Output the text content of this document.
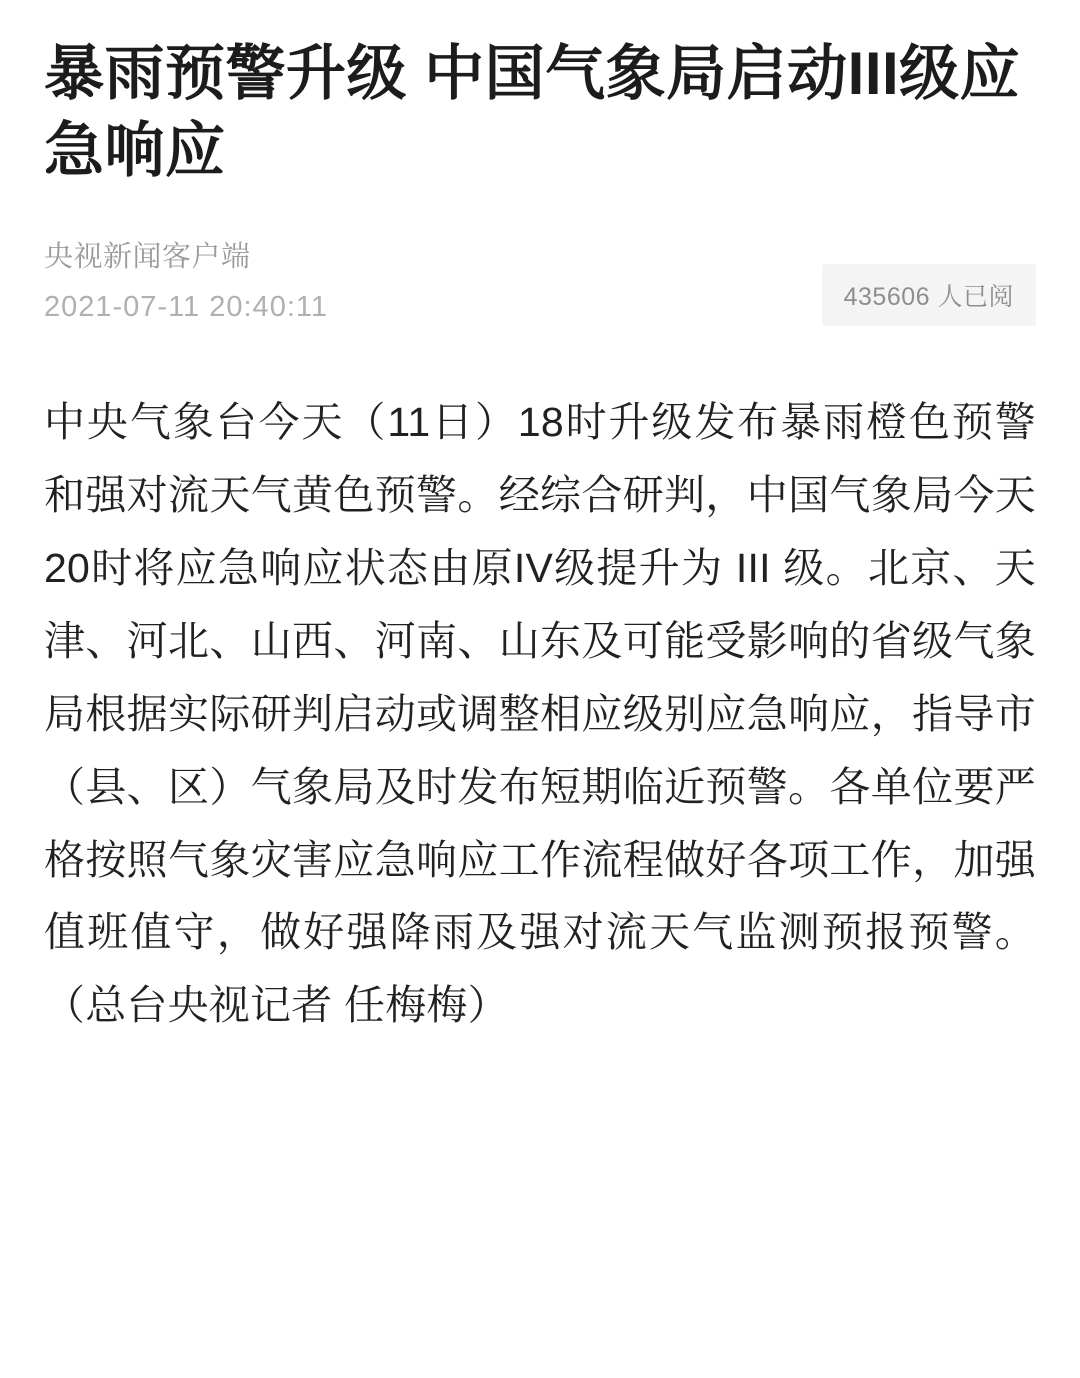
暴雨预警升级 中国气象局启动III级应急响应
央视新闻客户端
2021-07-11 20:40:11	435606 人已阅

中央气象台今天（11日）18时升级发布暴雨橙色预警和强对流天气黄色预警。经综合研判，中国气象局今天20时将应急响应状态由原IV级提升为 III 级。北京、天津、河北、山西、河南、山东及可能受影响的省级气象局根据实际研判启动或调整相应级别应急响应，指导市（县、区）气象局及时发布短期临近预警。各单位要严格按照气象灾害应急响应工作流程做好各项工作，加强值班值守，做好强降雨及强对流天气监测预报预警。（总台央视记者 任梅梅）
